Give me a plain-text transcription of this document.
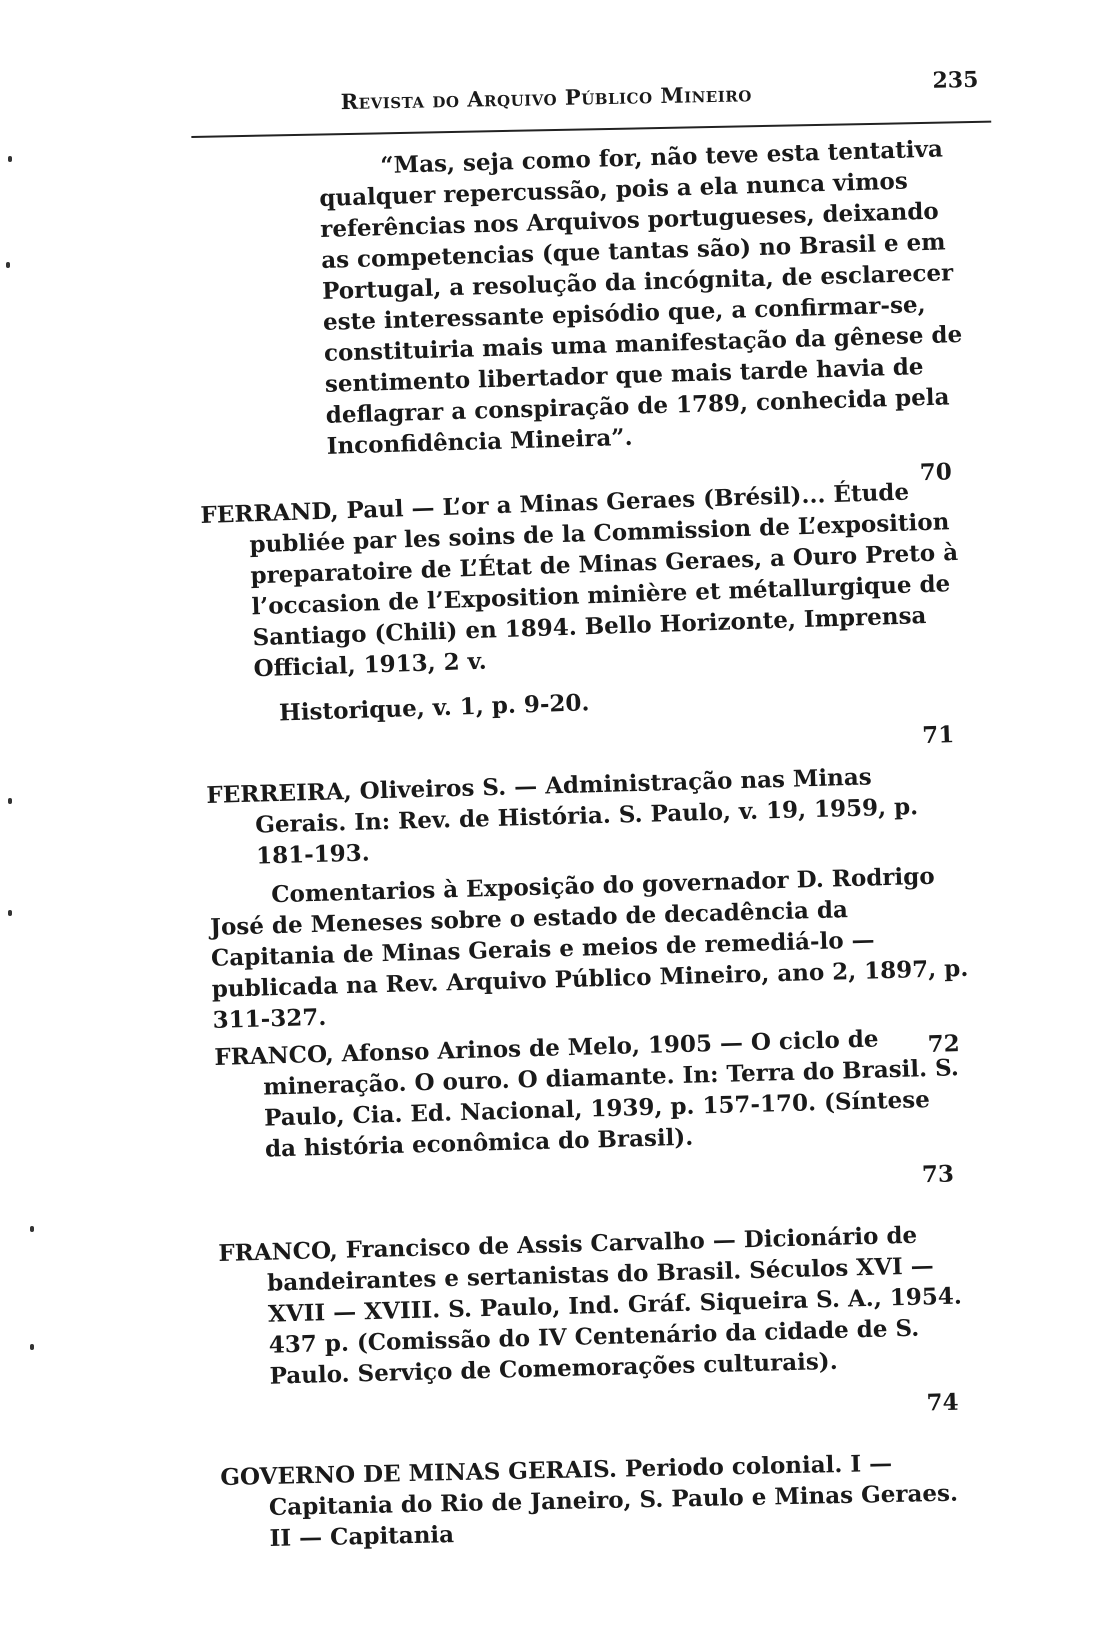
Revista do Arquivo Público Mineiro
235

“Mas, seja como for, não teve esta tentativa qualquer repercussão, pois a ela nunca vimos referências nos Arquivos portugueses, deixando as competencias (que tantas são) no Brasil e em Portugal, a resolução da incógnita, de esclarecer este interessante episódio que, a confirmar-se, constituiria mais uma manifestação da gênese de sentimento libertador que mais tarde havia de deflagrar a conspiração de 1789, conhecida pela Inconfidência Mineira”.

70

FERRAND, Paul — L’or a Minas Geraes (Brésil)... Étude publiée par les soins de la Commission de L’exposition preparatoire de L’État de Minas Geraes, a Ouro Preto à l’occasion de l’Exposition minière et métallurgique de Santiago (Chili) en 1894. Bello Horizonte, Imprensa Official, 1913, 2 v.

Historique, v. 1, p. 9-20.

71

FERREIRA, Oliveiros S. — Administração nas Minas Gerais. In: Rev. de História. S. Paulo, v. 19, 1959, p. 181-193.

Comentarios à Exposição do governador D. Rodrigo José de Meneses sobre o estado de decadência da Capitania de Minas Gerais e meios de remediá-lo — publicada na Rev. Arquivo Público Mineiro, ano 2, 1897, p. 311-327.

72

FRANCO, Afonso Arinos de Melo, 1905 — O ciclo de mineração. O ouro. O diamante. In: Terra do Brasil. S. Paulo, Cia. Ed. Nacional, 1939, p. 157-170. (Síntese da história econômica do Brasil).

73

FRANCO, Francisco de Assis Carvalho — Dicionário de bandeirantes e sertanistas do Brasil. Séculos XVI — XVII — XVIII. S. Paulo, Ind. Gráf. Siqueira S. A., 1954. 437 p. (Comissão do IV Centenário da cidade de S. Paulo. Serviço de Comemorações culturais).

74

GOVERNO DE MINAS GERAIS. Periodo colonial. I — Capitania do Rio de Janeiro, S. Paulo e Minas Geraes. II — Capitania
